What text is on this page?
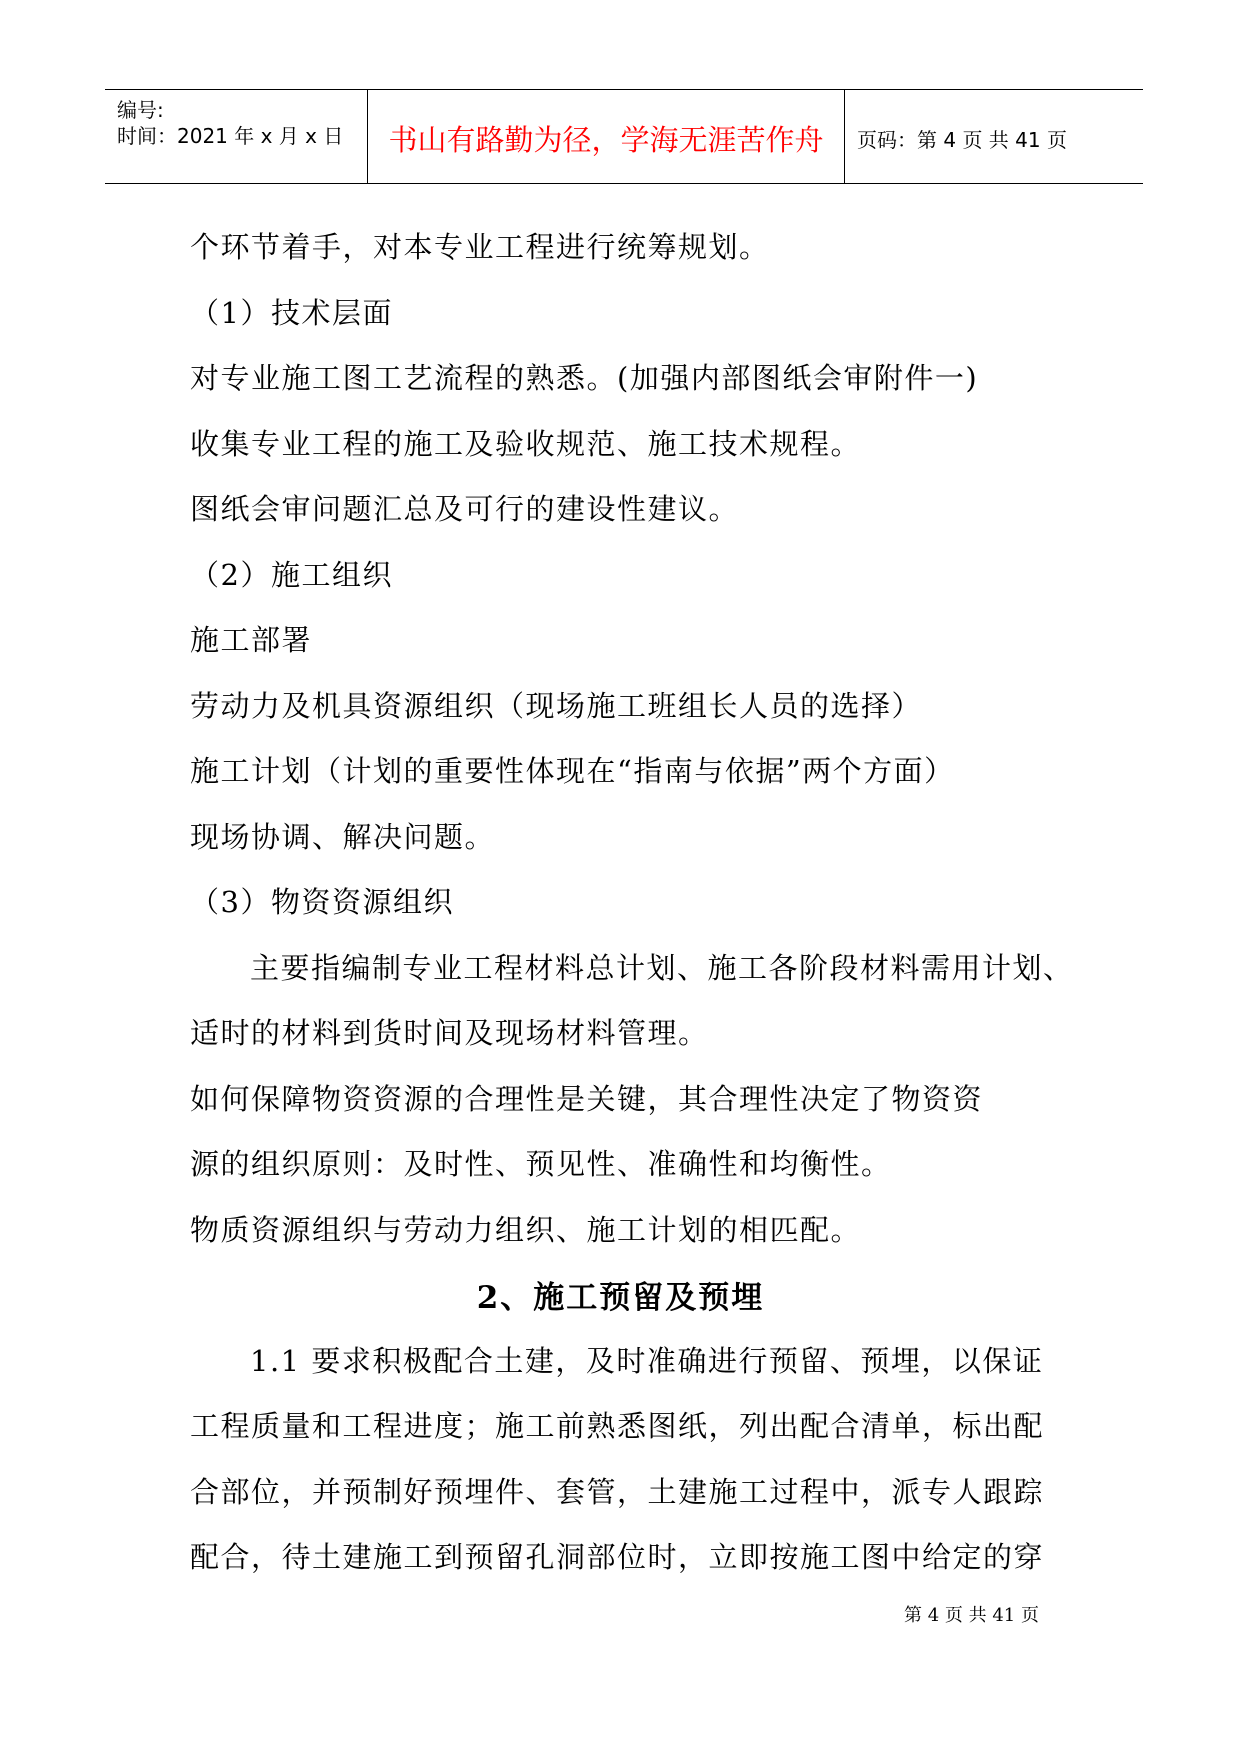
编号:
时间：2021 年 x 月 x 日	书山有路勤为径，学海无涯苦作舟	页码：第 4 页 共 41 页
个环节着手，对本专业工程进行统筹规划。
（1）技术层面
对专业施工图工艺流程的熟悉。(加强内部图纸会审附件一)
收集专业工程的施工及验收规范、施工技术规程。
图纸会审问题汇总及可行的建设性建议。
（2）施工组织
施工部署
劳动力及机具资源组织（现场施工班组长人员的选择）
施工计划（计划的重要性体现在“指南与依据”两个方面）
现场协调、解决问题。
（3）物资资源组织
主要指编制专业工程材料总计划、施工各阶段材料需用计划、
适时的材料到货时间及现场材料管理。
如何保障物资资源的合理性是关键，其合理性决定了物资资
源的组织原则：及时性、预见性、准确性和均衡性。
物质资源组织与劳动力组织、施工计划的相匹配。
2、施工预留及预埋
1.1 要求积极配合土建，及时准确进行预留、预埋，以保证
工程质量和工程进度；施工前熟悉图纸，列出配合清单，标出配
合部位，并预制好预埋件、套管，土建施工过程中，派专人跟踪
配合，待土建施工到预留孔洞部位时，立即按施工图中给定的穿
第 4 页 共 41 页
